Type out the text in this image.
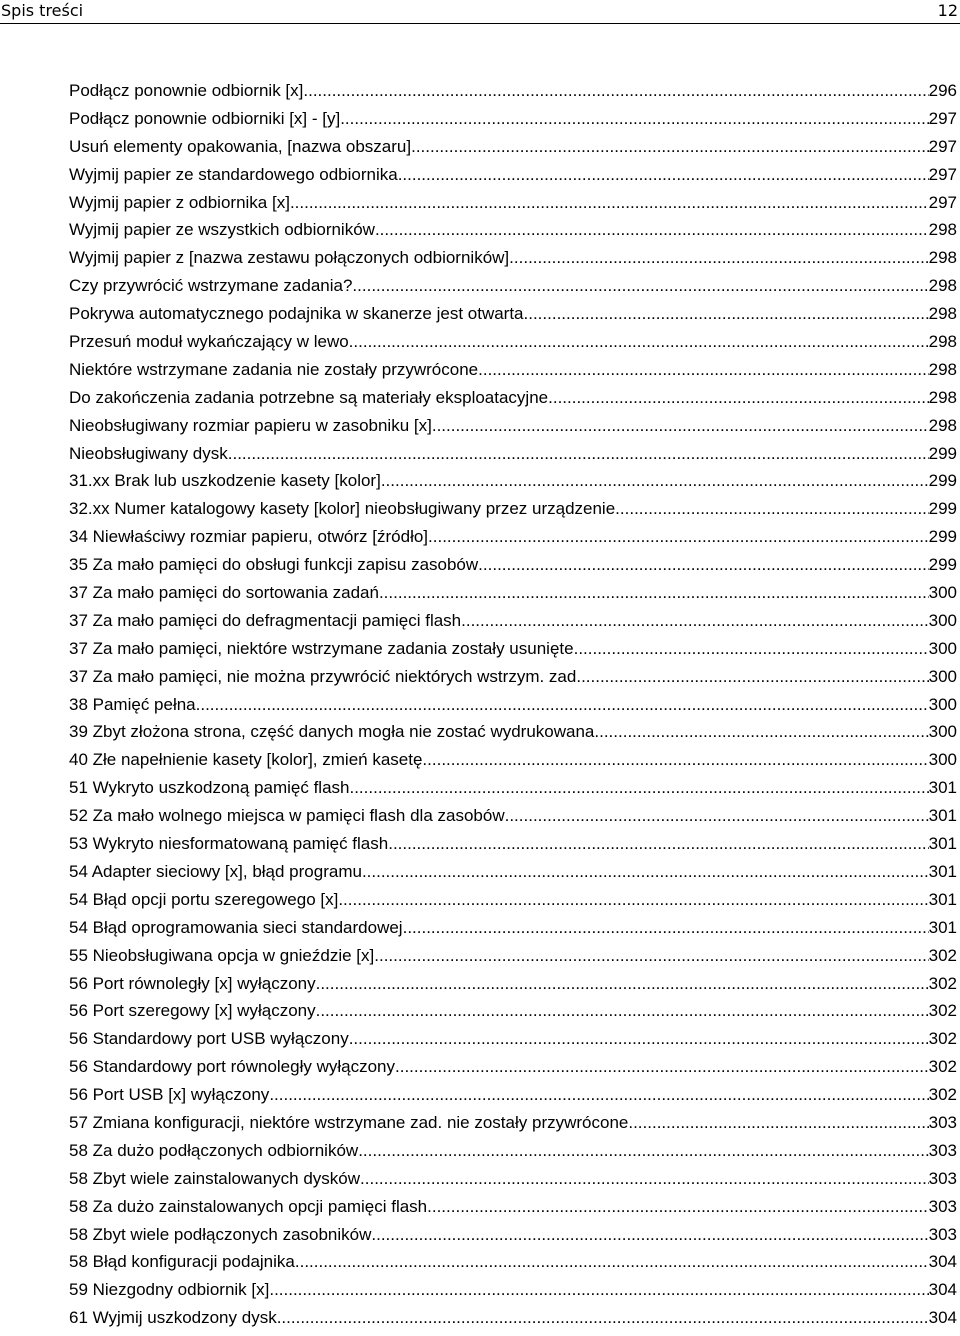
Spis treści	12
Podłącz ponownie odbiornik [x] .....	296
Podłącz ponownie odbiorniki [x] - [y] .....	297
Usuń elementy opakowania, [nazwa obszaru] .....	297
Wyjmij papier ze standardowego odbiornika .....	297
Wyjmij papier z odbiornika [x] .....	297
Wyjmij papier ze wszystkich odbiorników .....	298
Wyjmij papier z [nazwa zestawu połączonych odbiorników] .....	298
Czy przywrócić wstrzymane zadania? .....	298
Pokrywa automatycznego podajnika w skanerze jest otwarta .....	298
Przesuń moduł wykańczający w lewo .....	298
Niektóre wstrzymane zadania nie zostały przywrócone .....	298
Do zakończenia zadania potrzebne są materiały eksploatacyjne .....	298
Nieobsługiwany rozmiar papieru w zasobniku [x] .....	298
Nieobsługiwany dysk .....	299
31.xx Brak lub uszkodzenie kasety [kolor] .....	299
32.xx Numer katalogowy kasety [kolor] nieobsługiwany przez urządzenie .....	299
34 Niewłaściwy rozmiar papieru, otwórz [źródło] .....	299
35 Za mało pamięci do obsługi funkcji zapisu zasobów .....	299
37 Za mało pamięci do sortowania zadań .....	300
37 Za mało pamięci do defragmentacji pamięci flash .....	300
37 Za mało pamięci, niektóre wstrzymane zadania zostały usunięte .....	300
37 Za mało pamięci, nie można przywrócić niektórych wstrzym. zad. .....	300
38 Pamięć pełna .....	300
39 Zbyt złożona strona, część danych mogła nie zostać wydrukowana. .....	300
40 Złe napełnienie kasety [kolor], zmień kasetę .....	300
51 Wykryto uszkodzoną pamięć flash .....	301
52 Za mało wolnego miejsca w pamięci flash dla zasobów .....	301
53 Wykryto niesformatowaną pamięć flash .....	301
54 Adapter sieciowy [x], błąd programu .....	301
54 Błąd opcji portu szeregowego [x] .....	301
54 Błąd oprogramowania sieci standardowej .....	301
55 Nieobsługiwana opcja w gnieździe [x] .....	302
56 Port równoległy [x] wyłączony .....	302
56 Port szeregowy [x] wyłączony .....	302
56 Standardowy port USB wyłączony .....	302
56 Standardowy port równoległy wyłączony .....	302
56 Port USB [x] wyłączony .....	302
57 Zmiana konfiguracji, niektóre wstrzymane zad. nie zostały przywrócone .....	303
58 Za dużo podłączonych odbiorników .....	303
58 Zbyt wiele zainstalowanych dysków .....	303
58 Za dużo zainstalowanych opcji pamięci flash .....	303
58 Zbyt wiele podłączonych zasobników .....	303
58 Błąd konfiguracji podajnika .....	304
59 Niezgodny odbiornik [x] .....	304
61 Wyjmij uszkodzony dysk .....	304
